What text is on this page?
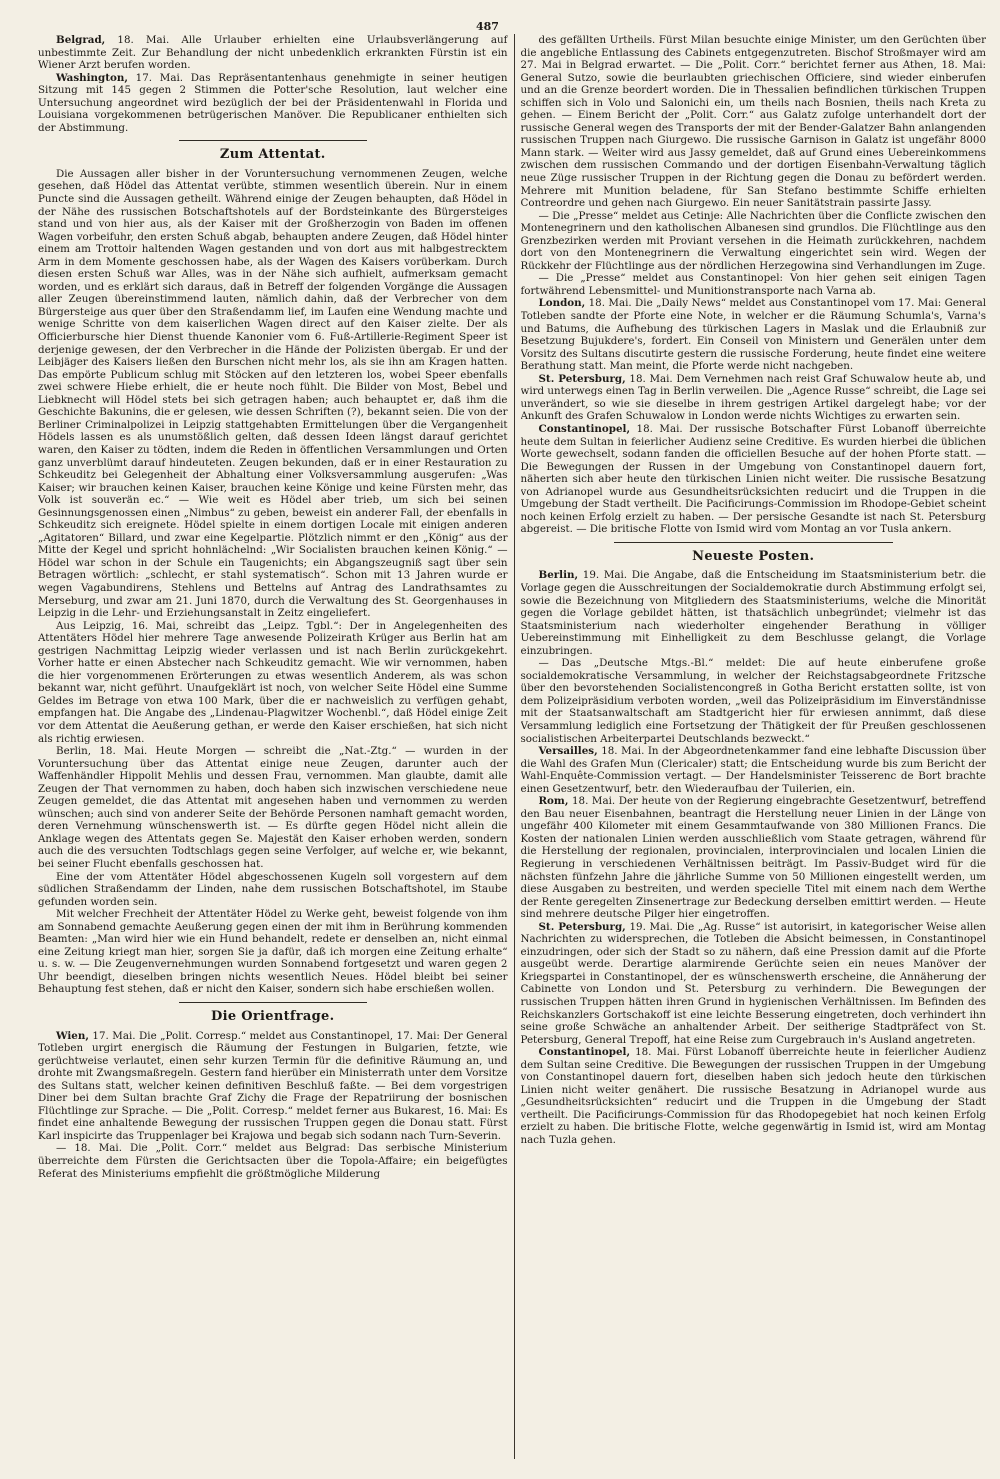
487

Belgrad, 18. Mai. Alle Urlauber erhielten eine Urlaubsverlängerung auf unbestimmte Zeit. Zur Behandlung der nicht unbedenklich erkrankten Fürstin ist ein Wiener Arzt berufen worden.

Washington, 17. Mai. Das Repräsentantenhaus genehmigte in seiner heutigen Sitzung mit 145 gegen 2 Stimmen die Potter'sche Resolution, laut welcher eine Untersuchung angeordnet wird bezüglich der bei der Präsidentenwahl in Florida und Louisiana vorgekommenen betrügerischen Manöver. Die Republicaner enthielten sich der Abstimmung.

Zum Attentat.

Die Aussagen aller bisher in der Voruntersuchung vernommenen Zeugen, welche gesehen, daß Hödel das Attentat verübte, stimmen wesentlich überein. Nur in einem Puncte sind die Aussagen getheilt. Während einige der Zeugen behaupten, daß Hödel in der Nähe des russischen Botschaftshotels auf der Bordsteinkante des Bürgersteiges stand und von hier aus, als der Kaiser mit der Großherzogin von Baden im offenen Wagen vorbeifuhr, den ersten Schuß abgab, behaupten andere Zeugen, daß Hödel hinter einem am Trottoir haltenden Wagen gestanden und von dort aus mit halbgestrecktem Arm in dem Momente geschossen habe, als der Wagen des Kaisers vorüberkam. Durch diesen ersten Schuß war Alles, was in der Nähe sich aufhielt, aufmerksam gemacht worden, und es erklärt sich daraus, daß in Betreff der folgenden Vorgänge die Aussagen aller Zeugen übereinstimmend lauten, nämlich dahin, daß der Verbrecher von dem Bürgersteige aus quer über den Straßendamm lief, im Laufen eine Wendung machte und wenige Schritte von dem kaiserlichen Wagen direct auf den Kaiser zielte. Der als Officierbursche hier Dienst thuende Kanonier vom 6. Fuß-Artillerie-Regiment Speer ist derjenige gewesen, der den Verbrecher in die Hände der Polizisten übergab. Er und der Leibjäger des Kaisers ließen den Burschen nicht mehr los, als sie ihn am Kragen hatten. Das empörte Publicum schlug mit Stöcken auf den letzteren los, wobei Speer ebenfalls zwei schwere Hiebe erhielt, die er heute noch fühlt. Die Bilder von Most, Bebel und Liebknecht will Hödel stets bei sich getragen haben; auch behauptet er, daß ihm die Geschichte Bakunins, die er gelesen, wie dessen Schriften (?), bekannt seien. Die von der Berliner Criminalpolizei in Leipzig stattgehabten Ermittelungen über die Vergangenheit Hödels lassen es als unumstößlich gelten, daß dessen Ideen längst darauf gerichtet waren, den Kaiser zu tödten, indem die Reden in öffentlichen Versammlungen und Orten ganz unverblümt darauf hindeuteten. Zeugen bekunden, daß er in einer Restauration zu Schkeuditz bei Gelegenheit der Abhaltung einer Volksversammlung ausgerufen: „Was Kaiser; wir brauchen keinen Kaiser, brauchen keine Könige und keine Fürsten mehr, das Volk ist souverän ec.“ — Wie weit es Hödel aber trieb, um sich bei seinen Gesinnungsgenossen einen „Nimbus“ zu geben, beweist ein anderer Fall, der ebenfalls in Schkeuditz sich ereignete. Hödel spielte in einem dortigen Locale mit einigen anderen „Agitatoren“ Billard, und zwar eine Kegelpartie. Plötzlich nimmt er den „König“ aus der Mitte der Kegel und spricht hohnlächelnd: „Wir Socialisten brauchen keinen König.“ — Hödel war schon in der Schule ein Taugenichts; ein Abgangszeugniß sagt über sein Betragen wörtlich: „schlecht, er stahl systematisch“. Schon mit 13 Jahren wurde er wegen Vagabundirens, Stehlens und Bettelns auf Antrag des Landrathsamtes zu Merseburg, und zwar am 21. Juni 1870, durch die Verwaltung des St. Georgenhauses in Leipzig in die Lehr- und Erziehungsanstalt in Zeitz eingeliefert.

Aus Leipzig, 16. Mai, schreibt das „Leipz. Tgbl.“: Der in Angelegenheiten des Attentäters Hödel hier mehrere Tage anwesende Polizeirath Krüger aus Berlin hat am gestrigen Nachmittag Leipzig wieder verlassen und ist nach Berlin zurückgekehrt. Vorher hatte er einen Abstecher nach Schkeuditz gemacht. Wie wir vernommen, haben die hier vorgenommenen Erörterungen zu etwas wesentlich Anderem, als was schon bekannt war, nicht geführt. Unaufgeklärt ist noch, von welcher Seite Hödel eine Summe Geldes im Betrage von etwa 100 Mark, über die er nachweislich zu verfügen gehabt, empfangen hat. Die Angabe des „Lindenau-Plagwitzer Wochenbl.“, daß Hödel einige Zeit vor dem Attentat die Aeußerung gethan, er werde den Kaiser erschießen, hat sich nicht als richtig erwiesen.

Berlin, 18. Mai. Heute Morgen — schreibt die „Nat.-Ztg.“ — wurden in der Voruntersuchung über das Attentat einige neue Zeugen, darunter auch der Waffenhändler Hippolit Mehlis und dessen Frau, vernommen. Man glaubte, damit alle Zeugen der That vernommen zu haben, doch haben sich inzwischen verschiedene neue Zeugen gemeldet, die das Attentat mit angesehen haben und vernommen zu werden wünschen; auch sind von anderer Seite der Behörde Personen namhaft gemacht worden, deren Vernehmung wünschenswerth ist. — Es dürfte gegen Hödel nicht allein die Anklage wegen des Attentats gegen Se. Majestät den Kaiser erhoben werden, sondern auch die des versuchten Todtschlags gegen seine Verfolger, auf welche er, wie bekannt, bei seiner Flucht ebenfalls geschossen hat.

Eine der vom Attentäter Hödel abgeschossenen Kugeln soll vorgestern auf dem südlichen Straßendamm der Linden, nahe dem russischen Botschaftshotel, im Staube gefunden worden sein.

Mit welcher Frechheit der Attentäter Hödel zu Werke geht, beweist folgende von ihm am Sonnabend gemachte Aeußerung gegen einen der mit ihm in Berührung kommenden Beamten: „Man wird hier wie ein Hund behandelt, redete er denselben an, nicht einmal eine Zeitung kriegt man hier, sorgen Sie ja dafür, daß ich morgen eine Zeitung erhalte“ u. s. w. — Die Zeugenvernehmungen wurden Sonnabend fortgesetzt und waren gegen 2 Uhr beendigt, dieselben bringen nichts wesentlich Neues. Hödel bleibt bei seiner Behauptung fest stehen, daß er nicht den Kaiser, sondern sich habe erschießen wollen.

Die Orientfrage.

Wien, 17. Mai. Die „Polit. Corresp.“ meldet aus Constantinopel, 17. Mai: Der General Totleben urgirt energisch die Räumung der Festungen in Bulgarien, fetzte, wie gerüchtweise verlautet, einen sehr kurzen Termin für die definitive Räumung an, und drohte mit Zwangsmaßregeln. Gestern fand hierüber ein Ministerrath unter dem Vorsitze des Sultans statt, welcher keinen definitiven Beschluß faßte. — Bei dem vorgestrigen Diner bei dem Sultan brachte Graf Zichy die Frage der Repatriirung der bosnischen Flüchtlinge zur Sprache. — Die „Polit. Corresp.“ meldet ferner aus Bukarest, 16. Mai: Es findet eine anhaltende Bewegung der russischen Truppen gegen die Donau statt. Fürst Karl inspicirte das Truppenlager bei Krajowa und begab sich sodann nach Turn-Severin.

— 18. Mai. Die „Polit. Corr.“ meldet aus Belgrad: Das serbische Ministerium überreichte dem Fürsten die Gerichtsacten über die Topola-Affaire; ein beigefügtes Referat des Ministeriums empfiehlt die größtmögliche Milderung

des gefällten Urtheils. Fürst Milan besuchte einige Minister, um den Gerüchten über die angebliche Entlassung des Cabinets entgegenzutreten. Bischof Stroßmayer wird am 27. Mai in Belgrad erwartet. — Die „Polit. Corr.“ berichtet ferner aus Athen, 18. Mai: General Sutzo, sowie die beurlaubten griechischen Officiere, sind wieder einberufen und an die Grenze beordert worden. Die in Thessalien befindlichen türkischen Truppen schiffen sich in Volo und Salonichi ein, um theils nach Bosnien, theils nach Kreta zu gehen. — Einem Bericht der „Polit. Corr.“ aus Galatz zufolge unterhandelt dort der russische General wegen des Transports der mit der Bender-Galatzer Bahn anlangenden russischen Truppen nach Giurgewo. Die russische Garnison in Galatz ist ungefähr 8000 Mann stark. — Weiter wird aus Jassy gemeldet, daß auf Grund eines Uebereinkommens zwischen dem russischen Commando und der dortigen Eisenbahn-Verwaltung täglich neue Züge russischer Truppen in der Richtung gegen die Donau zu befördert werden. Mehrere mit Munition beladene, für San Stefano bestimmte Schiffe erhielten Contreordre und gehen nach Giurgewo. Ein neuer Sanitätstrain passirte Jassy.

— Die „Presse“ meldet aus Cetinje: Alle Nachrichten über die Conflicte zwischen den Montenegrinern und den katholischen Albanesen sind grundlos. Die Flüchtlinge aus den Grenzbezirken werden mit Proviant versehen in die Heimath zurückkehren, nachdem dort von den Montenegrinern die Verwaltung eingerichtet sein wird. Wegen der Rückkehr der Flüchtlinge aus der nördlichen Herzegowina sind Verhandlungen im Zuge.

— Die „Presse“ meldet aus Constantinopel: Von hier gehen seit einigen Tagen fortwährend Lebensmittel- und Munitionstransporte nach Varna ab.

London, 18. Mai. Die „Daily News“ meldet aus Constantinopel vom 17. Mai: General Totleben sandte der Pforte eine Note, in welcher er die Räumung Schumla's, Varna's und Batums, die Aufhebung des türkischen Lagers in Maslak und die Erlaubniß zur Besetzung Bujukdere's, fordert. Ein Conseil von Ministern und Generälen unter dem Vorsitz des Sultans discutirte gestern die russische Forderung, heute findet eine weitere Berathung statt. Man meint, die Pforte werde nicht nachgeben.

St. Petersburg, 18. Mai. Dem Vernehmen nach reist Graf Schuwalow heute ab, und wird unterwegs einen Tag in Berlin verweilen. Die „Agence Russe“ schreibt, die Lage sei unverändert, so wie sie dieselbe in ihrem gestrigen Artikel dargelegt habe; vor der Ankunft des Grafen Schuwalow in London werde nichts Wichtiges zu erwarten sein.

Constantinopel, 18. Mai. Der russische Botschafter Fürst Lobanoff überreichte heute dem Sultan in feierlicher Audienz seine Creditive. Es wurden hierbei die üblichen Worte gewechselt, sodann fanden die officiellen Besuche auf der hohen Pforte statt. — Die Bewegungen der Russen in der Umgebung von Constantinopel dauern fort, näherten sich aber heute den türkischen Linien nicht weiter. Die russische Besatzung von Adrianopel wurde aus Gesundheitsrücksichten reducirt und die Truppen in die Umgebung der Stadt vertheilt. Die Pacificirungs-Commission im Rhodope-Gebiet scheint noch keinen Erfolg erzielt zu haben. — Der persische Gesandte ist nach St. Petersburg abgereist. — Die britische Flotte von Ismid wird vom Montag an vor Tusla ankern.

Neueste Posten.

Berlin, 19. Mai. Die Angabe, daß die Entscheidung im Staatsministerium betr. die Vorlage gegen die Ausschreitungen der Socialdemokratie durch Abstimmung erfolgt sei, sowie die Bezeichnung von Mitgliedern des Staatsministeriums, welche die Minorität gegen die Vorlage gebildet hätten, ist thatsächlich unbegründet; vielmehr ist das Staatsministerium nach wiederholter eingehender Berathung in völliger Uebereinstimmung mit Einhelligkeit zu dem Beschlusse gelangt, die Vorlage einzubringen.

— Das „Deutsche Mtgs.-Bl.“ meldet: Die auf heute einberufene große socialdemokratische Versammlung, in welcher der Reichstagsabgeordnete Fritzsche über den bevorstehenden Socialistencongreß in Gotha Bericht erstatten sollte, ist von dem Polizeipräsidium verboten worden, „weil das Polizeipräsidium im Einverständnisse mit der Staatsanwaltschaft am Stadtgericht hier für erwiesen annimmt, daß diese Versammlung lediglich eine Fortsetzung der Thätigkeit der für Preußen geschlossenen socialistischen Arbeiterpartei Deutschlands bezweckt.“

Versailles, 18. Mai. In der Abgeordnetenkammer fand eine lebhafte Discussion über die Wahl des Grafen Mun (Clericaler) statt; die Entscheidung wurde bis zum Bericht der Wahl-Enquête-Commission vertagt. — Der Handelsminister Teisserenc de Bort brachte einen Gesetzentwurf, betr. den Wiederaufbau der Tuilerien, ein.

Rom, 18. Mai. Der heute von der Regierung eingebrachte Gesetzentwurf, betreffend den Bau neuer Eisenbahnen, beantragt die Herstellung neuer Linien in der Länge von ungefähr 400 Kilometer mit einem Gesammtaufwande von 380 Millionen Francs. Die Kosten der nationalen Linien werden ausschließlich vom Staate getragen, während für die Herstellung der regionalen, provincialen, interprovincialen und localen Linien die Regierung in verschiedenen Verhältnissen beiträgt. Im Passiv-Budget wird für die nächsten fünfzehn Jahre die jährliche Summe von 50 Millionen eingestellt werden, um diese Ausgaben zu bestreiten, und werden specielle Titel mit einem nach dem Werthe der Rente geregelten Zinsenertrage zur Bedeckung derselben emittirt werden. — Heute sind mehrere deutsche Pilger hier eingetroffen.

St. Petersburg, 19. Mai. Die „Ag. Russe“ ist autorisirt, in kategorischer Weise allen Nachrichten zu widersprechen, die Totleben die Absicht beimessen, in Constantinopel einzudringen, oder sich der Stadt so zu nähern, daß eine Pression damit auf die Pforte ausgeübt werde. Derartige alarmirende Gerüchte seien ein neues Manöver der Kriegspartei in Constantinopel, der es wünschenswerth erscheine, die Annäherung der Cabinette von London und St. Petersburg zu verhindern. Die Bewegungen der russischen Truppen hätten ihren Grund in hygienischen Verhältnissen. Im Befinden des Reichskanzlers Gortschakoff ist eine leichte Besserung eingetreten, doch verhindert ihn seine große Schwäche an anhaltender Arbeit. Der seitherige Stadtpräfect von St. Petersburg, General Trepoff, hat eine Reise zum Curgebrauch in's Ausland angetreten.

Constantinopel, 18. Mai. Fürst Lobanoff überreichte heute in feierlicher Audienz dem Sultan seine Creditive. Die Bewegungen der russischen Truppen in der Umgebung von Constantinopel dauern fort, dieselben haben sich jedoch heute den türkischen Linien nicht weiter genähert. Die russische Besatzung in Adrianopel wurde aus „Gesundheitsrücksichten“ reducirt und die Truppen in die Umgebung der Stadt vertheilt. Die Pacificirungs-Commission für das Rhodopegebiet hat noch keinen Erfolg erzielt zu haben. Die britische Flotte, welche gegenwärtig in Ismid ist, wird am Montag nach Tuzla gehen.
